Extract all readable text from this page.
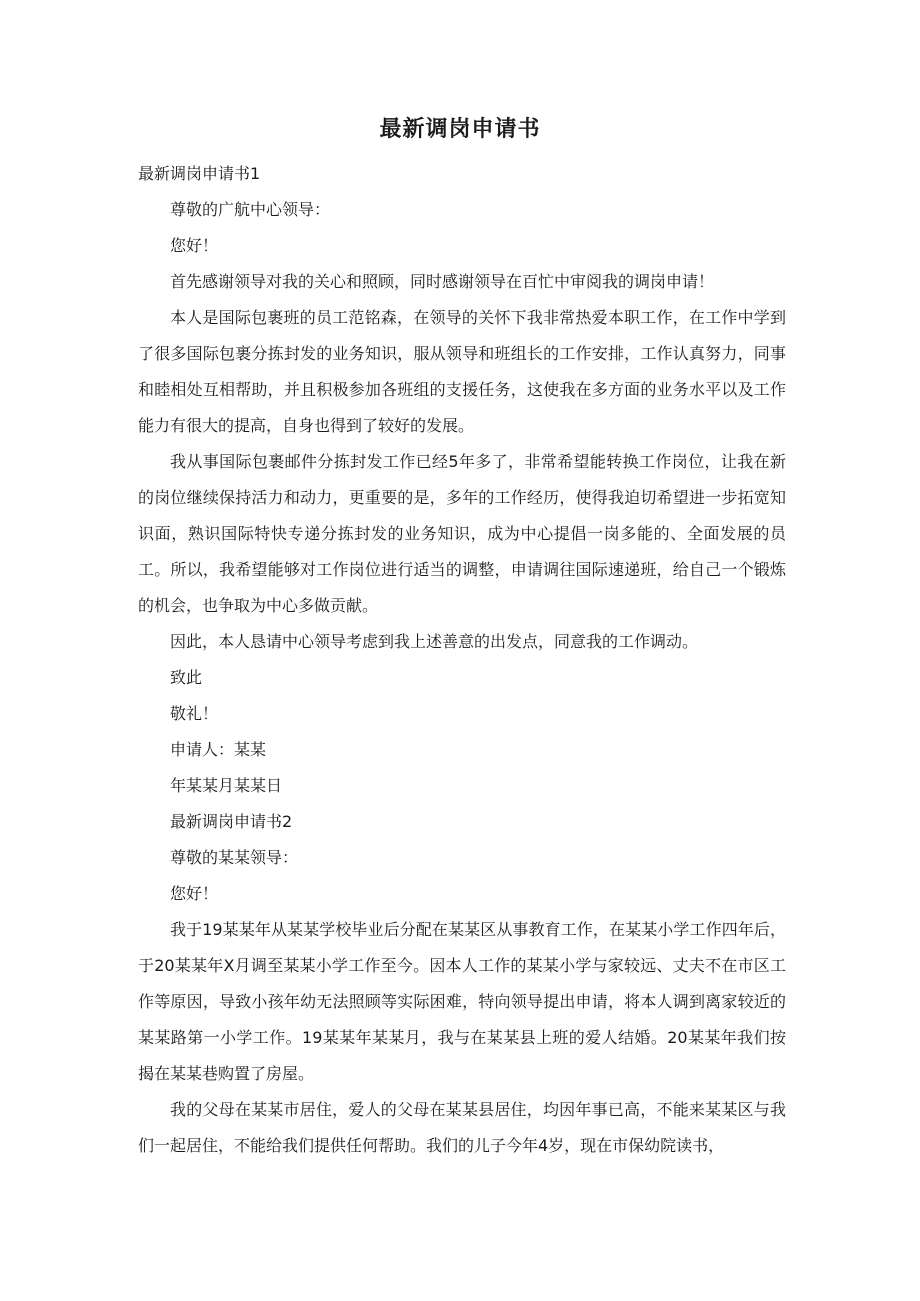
最新调岗申请书

最新调岗申请书1

尊敬的广航中心领导：

您好！

首先感谢领导对我的关心和照顾，同时感谢领导在百忙中审阅我的调岗申请！

本人是国际包裹班的员工范铭森，在领导的关怀下我非常热爱本职工作，在工作中学到了很多国际包裹分拣封发的业务知识，服从领导和班组长的工作安排，工作认真努力，同事和睦相处互相帮助，并且积极参加各班组的支援任务，这使我在多方面的业务水平以及工作能力有很大的提高，自身也得到了较好的发展。

我从事国际包裹邮件分拣封发工作已经5年多了，非常希望能转换工作岗位，让我在新的岗位继续保持活力和动力，更重要的是，多年的工作经历，使得我迫切希望进一步拓宽知识面，熟识国际特快专递分拣封发的业务知识，成为中心提倡一岗多能的、全面发展的员工。所以，我希望能够对工作岗位进行适当的调整，申请调往国际速递班，给自己一个锻炼的机会，也争取为中心多做贡献。

因此，本人恳请中心领导考虑到我上述善意的出发点，同意我的工作调动。

致此

敬礼！

申请人：某某

年某某月某某日

最新调岗申请书2

尊敬的某某领导：

您好！

我于19某某年从某某学校毕业后分配在某某区从事教育工作，在某某小学工作四年后，于20某某年X月调至某某小学工作至今。因本人工作的某某小学与家较远、丈夫不在市区工作等原因，导致小孩年幼无法照顾等实际困难，特向领导提出申请，将本人调到离家较近的某某路第一小学工作。19某某年某某月，我与在某某县上班的爱人结婚。20某某年我们按揭在某某巷购置了房屋。

我的父母在某某市居住，爱人的父母在某某县居住，均因年事已高，不能来某某区与我们一起居住，不能给我们提供任何帮助。我们的儿子今年4岁，现在市保幼院读书，
